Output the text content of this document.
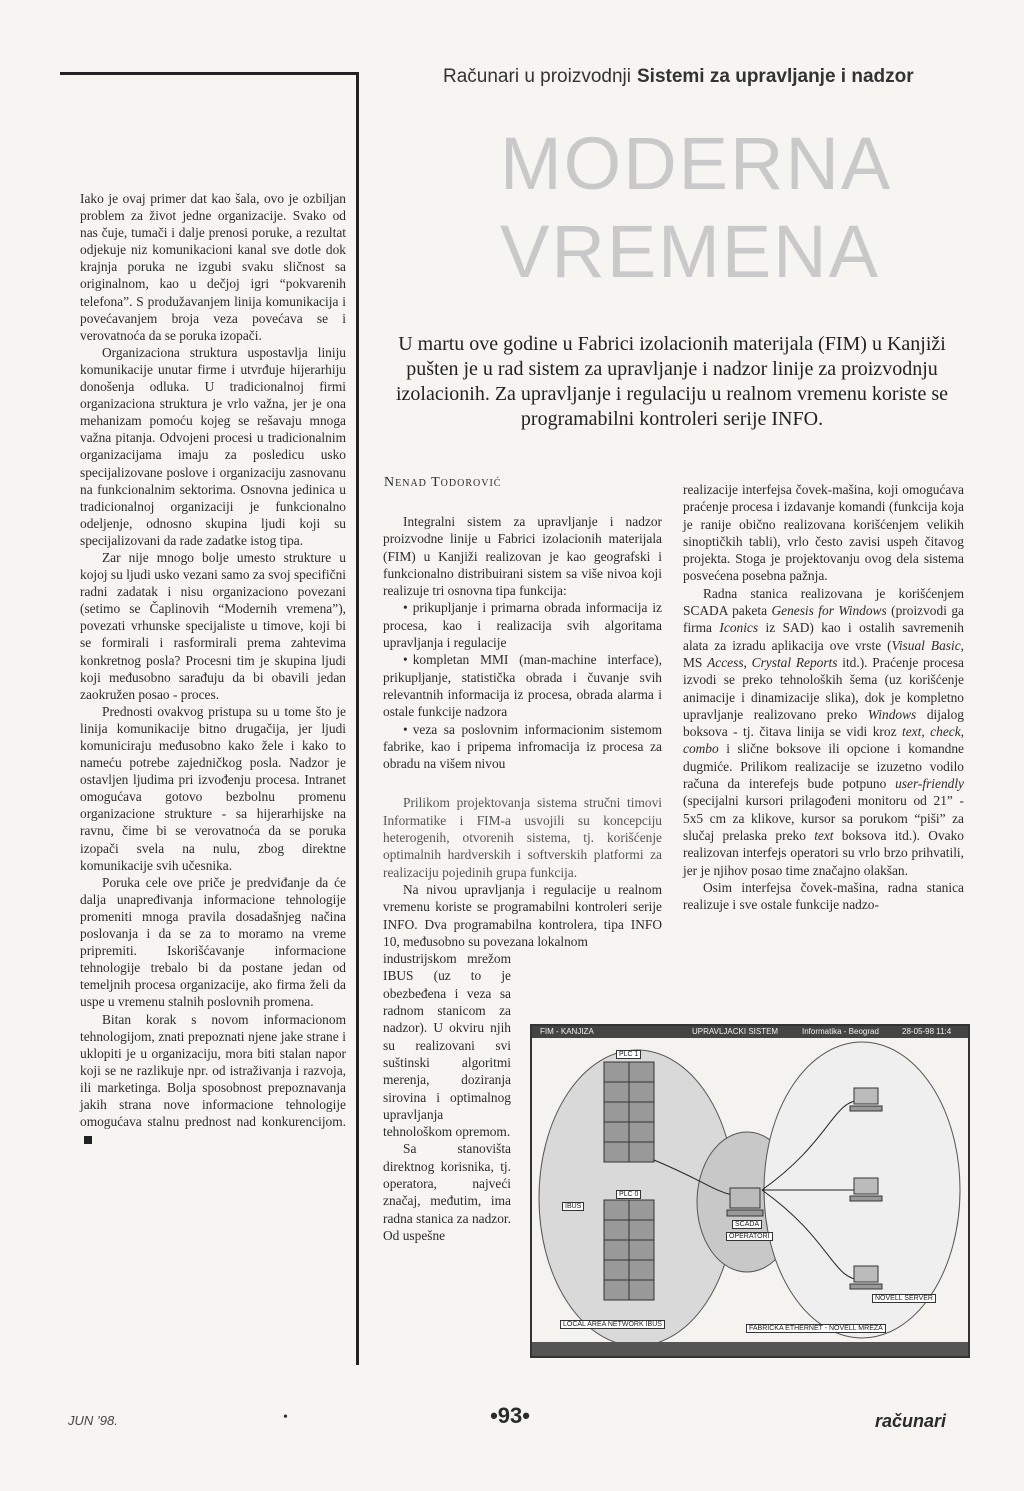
Računari u proizvodnji Sistemi za upravljanje i nadzor

Iako je ovaj primer dat kao šala, ovo je ozbiljan problem za život jedne organizacije. Svako od nas čuje, tumači i dalje prenosi poruke, a rezultat odjekuje niz komunikacioni kanal sve dotle dok krajnja poruka ne izgubi svaku sličnost sa originalnom, kao u dečjoj igri “pokvarenih telefona”. S produžavanjem linija komunikacija i povećavanjem broja veza povećava se i verovatnoća da se poruka izopači.

Organizaciona struktura uspostavlja liniju komunikacije unutar firme i utvrđuje hijerarhiju donošenja odluka. U tradicionalnoj firmi organizaciona struktura je vrlo važna, jer je ona mehanizam pomoću kojeg se rešavaju mnoga važna pitanja. Odvojeni procesi u tradicionalnim organizacijama imaju za posledicu usko specijalizovane poslove i organizaciju zasnovanu na funkcionalnim sektorima. Osnovna jedinica u tradicionalnoj organizaciji je funkcionalno odeljenje, odnosno skupina ljudi koji su specijalizovani da rade zadatke istog tipa.

Zar nije mnogo bolje umesto strukture u kojoj su ljudi usko vezani samo za svoj specifični radni zadatak i nisu organizaciono povezani (setimo se Čaplinovih “Modernih vremena”), povezati vrhunske specijaliste u timove, koji bi se formirali i rasformirali prema zahtevima konkretnog posla? Procesni tim je skupina ljudi koji međusobno sarađuju da bi obavili jedan zaokružen posao - proces.

Prednosti ovakvog pristupa su u tome što je linija komunikacije bitno drugačija, jer ljudi komuniciraju međusobno kako žele i kako to nameću potrebe zajedničkog posla. Nadzor je ostavljen ljudima pri izvođenju procesa. Intranet omogućava gotovo bezbolnu promenu organizacione strukture - sa hijerarhijske na ravnu, čime bi se verovatnoća da se poruka izopači svela na nulu, zbog direktne komunikacije svih učesnika.

Poruka cele ove priče je predviđanje da će dalja unapređivanja informacione tehnologije promeniti mnoga pravila dosadašnjeg načina poslovanja i da se za to moramo na vreme pripremiti. Iskorišćavanje informacione tehnologije trebalo bi da postane jedan od temeljnih procesa organizacije, ako firma želi da uspe u vremenu stalnih poslovnih promena.

Bitan korak s novom informacionom tehnologijom, znati prepoznati njene jake strane i uklopiti je u organizaciju, mora biti stalan napor koji se ne razlikuje npr. od istraživanja i razvoja, ili marketinga. Bolja sposobnost prepoznavanja jakih strana nove informacione tehnologije omogućava stalnu prednost nad konkurencijom.

MODERNA
VREMENA
U martu ove godine u Fabrici izolacionih materijala (FIM) u Kanjiži pušten je u rad sistem za upravljanje i nadzor linije za proizvodnju izolacionih. Za upravljanje i regulaciju u realnom vremenu koriste se programabilni kontroleri serije INFO.
Nenad Todorović

Integralni sistem za upravljanje i nadzor proizvodne linije u Fabrici izolacionih materijala (FIM) u Kanjiži realizovan je kao geografski i funkcionalno distribuirani sistem sa više nivoa koji realizuje tri osnovna tipa funkcija:

• prikupljanje i primarna obrada informacija iz procesa, kao i realizacija svih algoritama upravljanja i regulacije
• kompletan MMI (man-machine interface), prikupljanje, statistička obrada i čuvanje svih relevantnih informacija iz procesa, obrada alarma i ostale funkcije nadzora
• veza sa poslovnim informacionim sistemom fabrike, kao i pripema infromacija iz procesa za obradu na višem nivou

Prilikom projektovanja sistema stručni timovi Informatike i FIM-a usvojili su koncepciju heterogenih, otvorenih sistema, tj. korišćenje optimalnih hardverskih i softverskih platformi za realizaciju pojedinih grupa funkcija.

Na nivou upravljanja i regulacije u realnom vremenu koriste se programabilni kontroleri serije INFO. Dva programabilna kontrolera, tipa INFO 10, međusobno su povezana lokalnom

industrijskom mrežom IBUS (uz to je obezbeđena i veza sa radnom stanicom za nadzor). U okviru njih su realizovani svi suštinski algoritmi merenja, doziranja sirovina i optimalnog upravljanja tehnološkom opremom.

Sa stanovišta direktnog korisnika, tj. operatora, najveći značaj, međutim, ima radna stanica za nadzor. Od uspešne

realizacije interfejsa čovek-mašina, koji omogućava praćenje procesa i izdavanje komandi (funkcija koja je ranije obično realizovana korišćenjem velikih sinoptičkih tabli), vrlo često zavisi uspeh čitavog projekta. Stoga je projektovanju ovog dela sistema posvećena posebna pažnja.

Radna stanica realizovana je korišćenjem SCADA paketa Genesis for Windows (proizvodi ga firma Iconics iz SAD) kao i ostalih savremenih alata za izradu aplikacija ove vrste (Visual Basic, MS Access, Crystal Reports itd.). Praćenje procesa izvodi se preko tehnoloških šema (uz korišćenje animacije i dinamizacije slika), dok je kompletno upravljanje realizovano preko Windows dijalog boksova - tj. čitava linija se vidi kroz text, check, combo i slične boksove ili opcione i komandne dugmiće. Prilikom realizacije se izuzetno vodilo računa da interefejs bude potpuno user-friendly (specijalni kursori prilagođeni monitoru od 21” - 5x5 cm za klikove, kursor sa porukom “piši” za slučaj prelaska preko text boksova itd.). Ovako realizovan interfejs operatori su vrlo brzo prihvatili, jer je njihov posao time značajno olakšan.

Osim interfejsa čovek-mašina, radna stanica realizuje i sve ostale funkcije nadzo-

FIM - KANJIZA	UPRAVLJACKI SISTEM	Informatika - Beograd	28-05-98 11:4
PLC 1
PLC 0
IBUS
SCADA
OPERATORI
NOVELL SERVER
LOCAL AREA NETWORK IBUS
FABRICKA ETHERNET - NOVELL MREZA
JUN ’98.	•	•93•	računari
